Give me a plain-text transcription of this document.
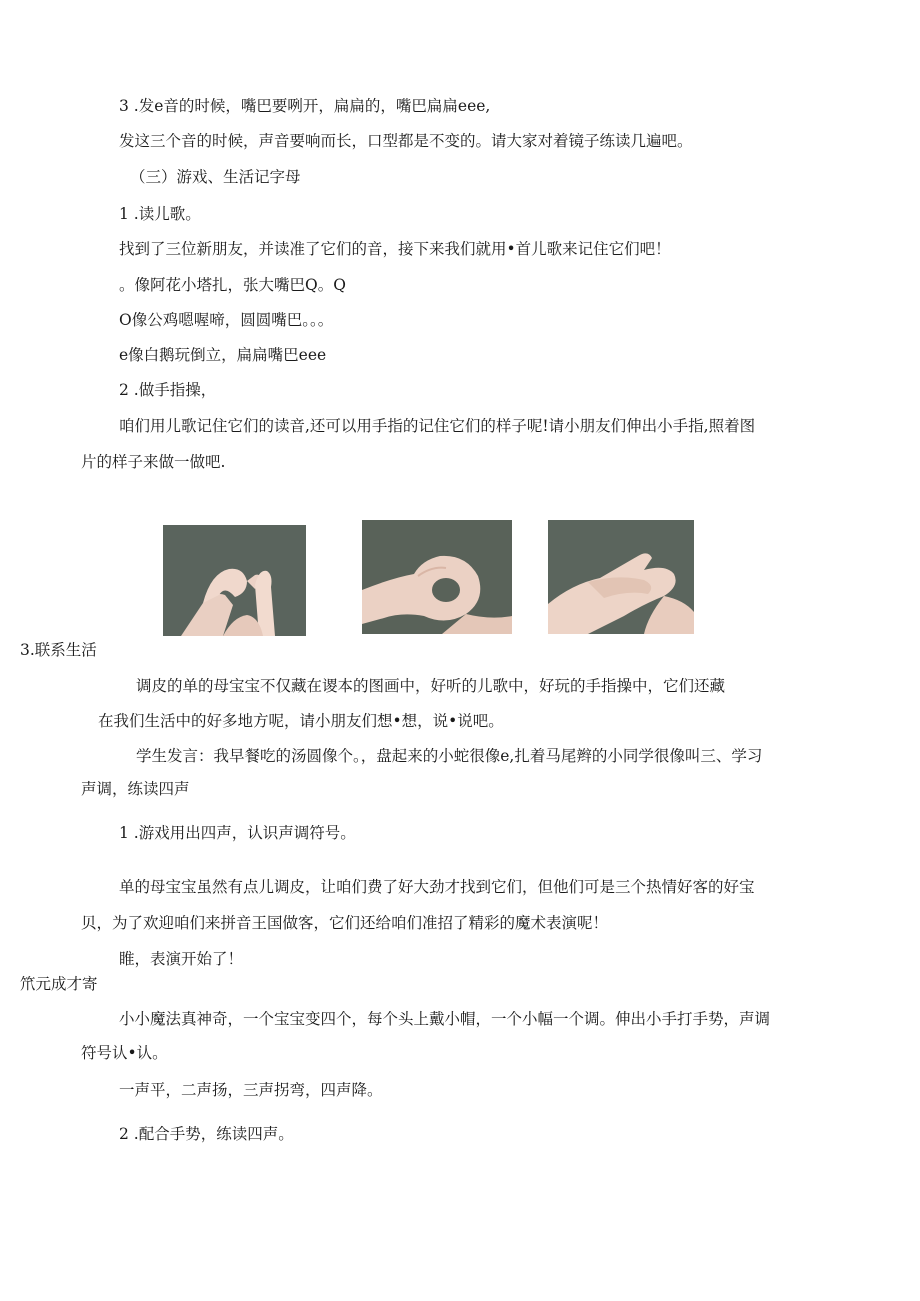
3 .发e音的时候，嘴巴要咧开，扁扁的，嘴巴扁扁eee,
发这三个音的时候，声音要响而长，口型都是不变的。请大家对着镜子练读几遍吧。
（三）游戏、生活记字母
1 .读儿歌。
找到了三位新朋友，并读准了它们的音，接下来我们就用•首儿歌来记住它们吧！
。像阿花小塔扎，张大嘴巴Q。Q
O像公鸡嗯喔啼，圆圆嘴巴。。。
e像白鹅玩倒立，扁扁嘴巴eee
2 .做手指操，
咱们用儿歌记住它们的读音,还可以用手指的记住它们的样子呢!请小朋友们伸出小手指,照着图
片的样子来做一做吧.
3.联系生活
调皮的单的母宝宝不仅藏在谡本的图画中，好听的儿歌中，好玩的手指操中，它们还藏
在我们生活中的好多地方呢，请小朋友们想•想，说•说吧。
学生发言：我早餐吃的汤圆像个。，盘起来的小蛇很像e,扎着马尾辫的小同学很像叫三、学习
声调，练读四声
1 .游戏用出四声，认识声调符号。
单的母宝宝虽然有点儿调皮，让咱们费了好大劲才找到它们，但他们可是三个热情好客的好宝
贝，为了欢迎咱们来拼音王国做客，它们还给咱们准招了精彩的魔术表演呢！
睢，表演开始了！
笊元成才寄
小小魔法真神奇，一个宝宝变四个，每个头上戴小帽，一个小幅一个调。伸出小手打手势，声调
符号认•认。
一声平，二声扬，三声拐弯，四声降。
2 .配合手势，练读四声。
